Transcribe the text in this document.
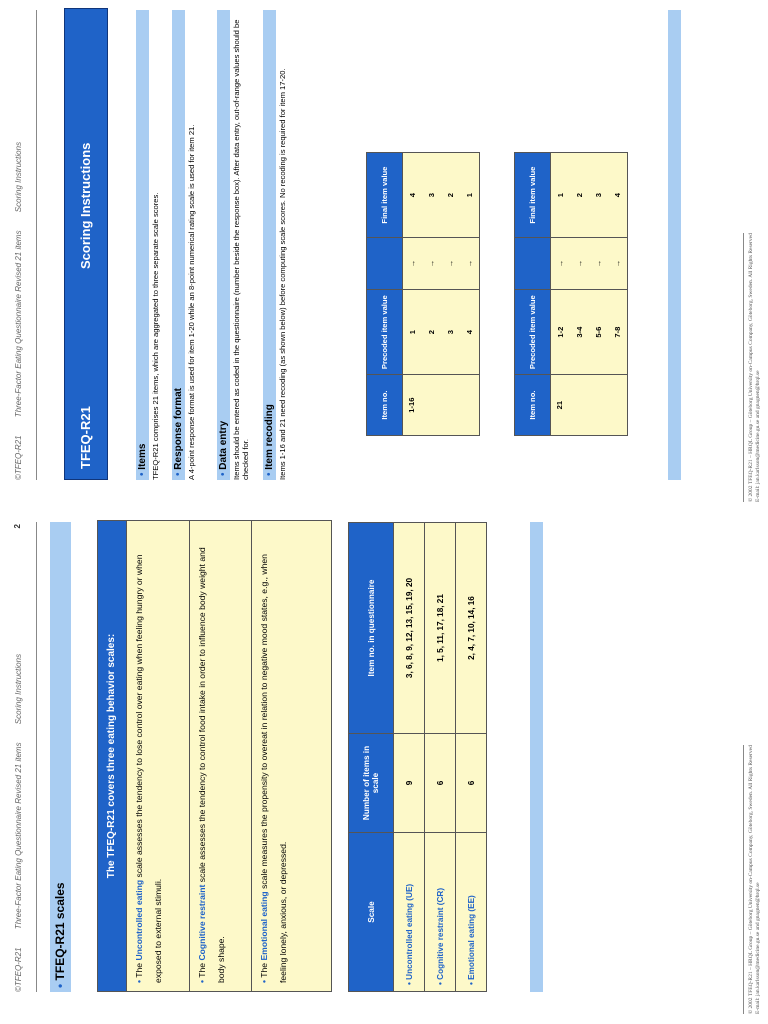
©TFEQ-R21 Three-Factor Eating Questionnaire Revised 21 items Scoring Instructions
2
• TFEQ-R21 scales
The TFEQ-R21 covers three eating behavior scales:
• The Uncontrolled eating scale assesses the tendency to lose control over eating when feeling hungry or when exposed to external stimuli.	• The Cognitive restraint scale assesses the tendency to control food intake in order to influence body weight and body shape.	• The Emotional eating scale measures the propensity to overeat in relation to negative mood states, e.g., when feeling lonely, anxious, or depressed.	Scale	Number of items in scale	Item no. in questionnaire
• Uncontrolled eating (UE)	9	3, 6, 8, 9, 12, 13, 15, 19, 20
• Cognitive restraint (CR)	6	1, 5, 11, 17, 18, 21
• Emotional eating (EE)	6	2, 4, 7, 10, 14, 16
© 2002 TFEQ-R21 – HRQL Group – Göteborg University on-Campus Company, Göteborg, Sweden. All Rights Reserved E-mail: jan.karlsson@medicine.gu.se and gnagnen@hrql.se
©TFEQ-R21 Three-Factor Eating Questionnaire Revised 21 items Scoring Instructions
TFEQ-R21
Scoring Instructions
• Items TFEQ-R21 comprises 21 items, which are aggregated to three separate scale scores. • Response format A 4-point response format is used for item 1-20 while an 8-point numerical rating scale is used for item 21. • Data entry Items should be entered as coded in the questionnaire (number beside the response box). After data entry, out-of-range values should be checked for. • Item recoding Items 1-16 and 21 need recoding (as shown below) before computing scale scores. No recoding is required for item 17-20.	Item no.	Precoded item value		Final item value
1-16	1	→	4
	2	→	3
	3	→	2
	4	→	1
Item no.	Precoded item value		Final item value
21	1-2	→	1
	3-4	→	2
	5-6	→	3
	7-8	→	4
© 2002 TFEQ-R21 – HRQL Group – Göteborg University on-Campus Company, Göteborg, Sweden. All Rights Reserved E-mail: jan.karlsson@medicine.gu.se and gnagnen@hrql.se
